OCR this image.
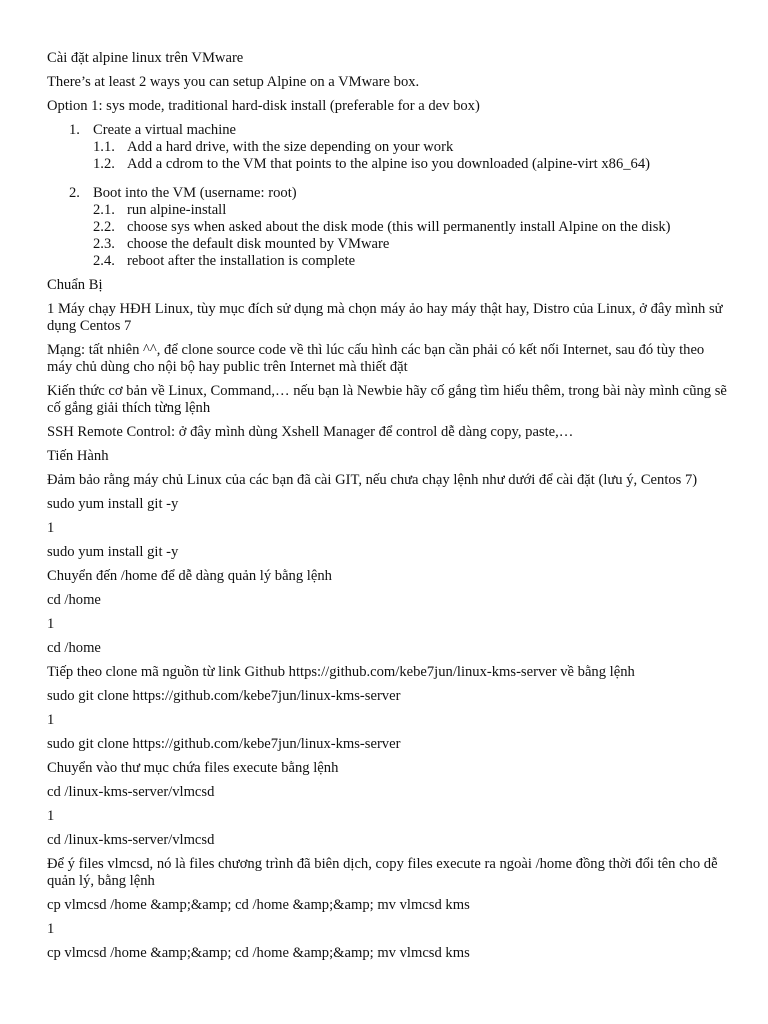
Cài đặt alpine linux trên VMware
There’s at least 2 ways you can setup Alpine on a VMware box.
Option 1: sys mode, traditional hard-disk install (preferable for a dev box)
1. Create a virtual machine
1.1. Add a hard drive, with the size depending on your work
1.2. Add a cdrom to the VM that points to the alpine iso you downloaded (alpine-virt x86_64)
2. Boot into the VM (username: root)
2.1. run alpine-install
2.2. choose sys when asked about the disk mode (this will permanently install Alpine on the disk)
2.3. choose the default disk mounted by VMware
2.4. reboot after the installation is complete
Chuẩn Bị
1 Máy chạy HĐH Linux, tùy mục đích sử dụng mà chọn máy ảo hay máy thật hay, Distro của Linux, ở đây mình sử dụng Centos 7
Mạng: tất nhiên ^^, để clone source code về thì lúc cấu hình các bạn cần phải có kết nối Internet, sau đó tùy theo máy chủ dùng cho nội bộ hay public trên Internet mà thiết đặt
Kiến thức cơ bản về Linux, Command,… nếu bạn là Newbie hãy cố gắng tìm hiểu thêm, trong bài này mình cũng sẽ cố gắng giải thích từng lệnh
SSH Remote Control: ở đây mình dùng Xshell Manager để control dễ dàng copy, paste,…
Tiến Hành
Đảm bảo rằng máy chủ Linux của các bạn đã cài GIT, nếu chưa chạy lệnh như dưới để cài đặt (lưu ý, Centos 7)
sudo yum install git -y
1
sudo yum install git -y
Chuyển đến /home để dễ dàng quản lý bằng lệnh
cd /home
1
cd /home
Tiếp theo clone mã nguồn từ link Github https://github.com/kebe7jun/linux-kms-server về bằng lệnh
sudo git clone https://github.com/kebe7jun/linux-kms-server
1
sudo git clone https://github.com/kebe7jun/linux-kms-server
Chuyển vào thư mục chứa files execute bằng lệnh
cd /linux-kms-server/vlmcsd
1
cd /linux-kms-server/vlmcsd
Để ý files vlmcsd, nó là files chương trình đã biên dịch, copy files execute ra ngoài /home đồng thời đổi tên cho dễ quản lý, bằng lệnh
cp vlmcsd /home &amp;&amp; cd /home &amp;&amp; mv vlmcsd kms
1
cp vlmcsd /home &amp;&amp; cd /home &amp;&amp; mv vlmcsd kms
